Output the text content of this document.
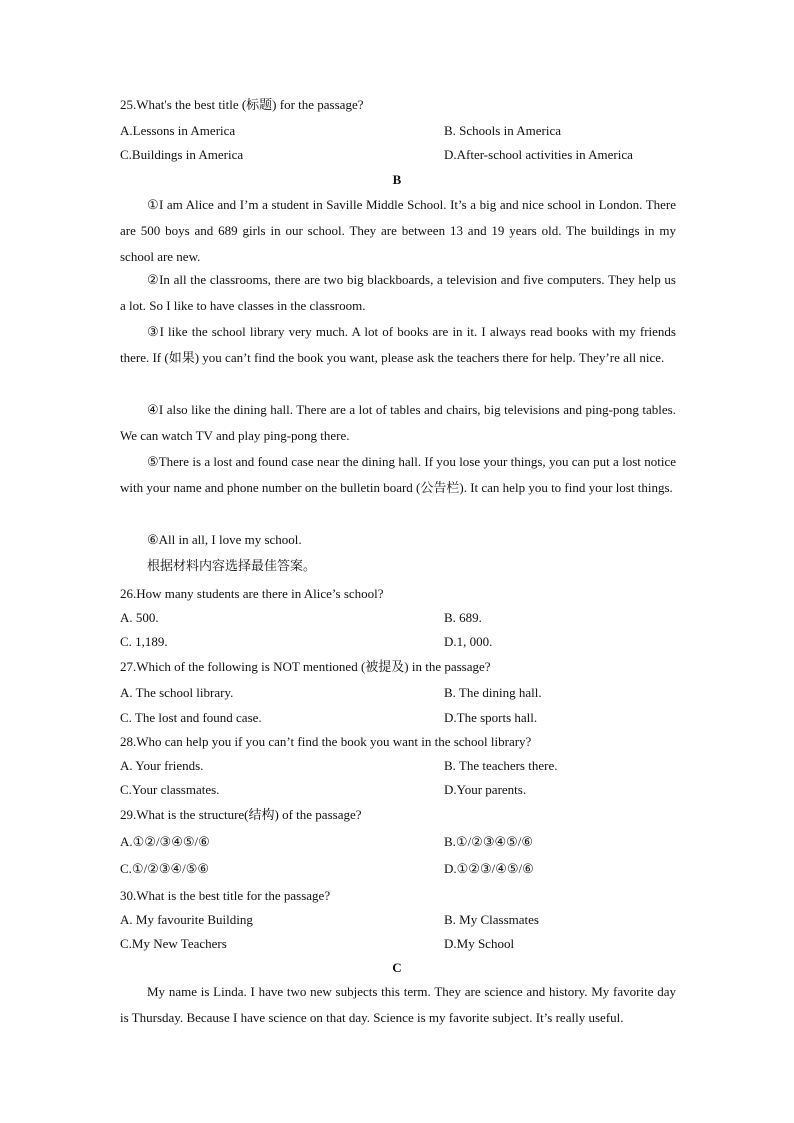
25.What's the best title (标题) for the passage?
A.Lessons in America	B. Schools in America
C.Buildings in America	D.After-school activities in America
B
①I am Alice and I’m a student in Saville Middle School. It’s a big and nice school in London. There are 500 boys and 689 girls in our school. They are between 13 and 19 years old. The buildings in my school are new.
②In all the classrooms, there are two big blackboards, a television and five computers. They help us a lot. So I like to have classes in the classroom.
③I like the school library very much. A lot of books are in it. I always read books with my friends there. If (如果) you can’t find the book you want, please ask the teachers there for help. They’re all nice.
④I also like the dining hall. There are a lot of tables and chairs, big televisions and ping-pong tables. We can watch TV and play ping-pong there.
⑤There is a lost and found case near the dining hall. If you lose your things, you can put a lost notice with your name and phone number on the bulletin board (公告栏). It can help you to find your lost things.
⑥All in all, I love my school.
根据材料内容选择最佳答案。
26.How many students are there in Alice’s school?
A. 500.	B. 689.
C. 1,189.	D.1, 000.
27.Which of the following is NOT mentioned (被提及) in the passage?
A. The school library.	B. The dining hall.
C. The lost and found case.	D.The sports hall.
28.Who can help you if you can’t find the book you want in the school library?
A. Your friends.	B. The teachers there.
C.Your classmates.	D.Your parents.
29.What is the structure(结构) of the passage?
A.①②/③④⑤/⑥	B.①/②③④⑤/⑥
C.①/②③④/⑤⑥	D.①②③/④⑤/⑥
30.What is the best title for the passage?
A. My favourite Building	B. My Classmates
C.My New Teachers	D.My School
C
My name is Linda. I have two new subjects this term. They are science and history. My favorite day is Thursday. Because I have science on that day. Science is my favorite subject. It’s really useful.
